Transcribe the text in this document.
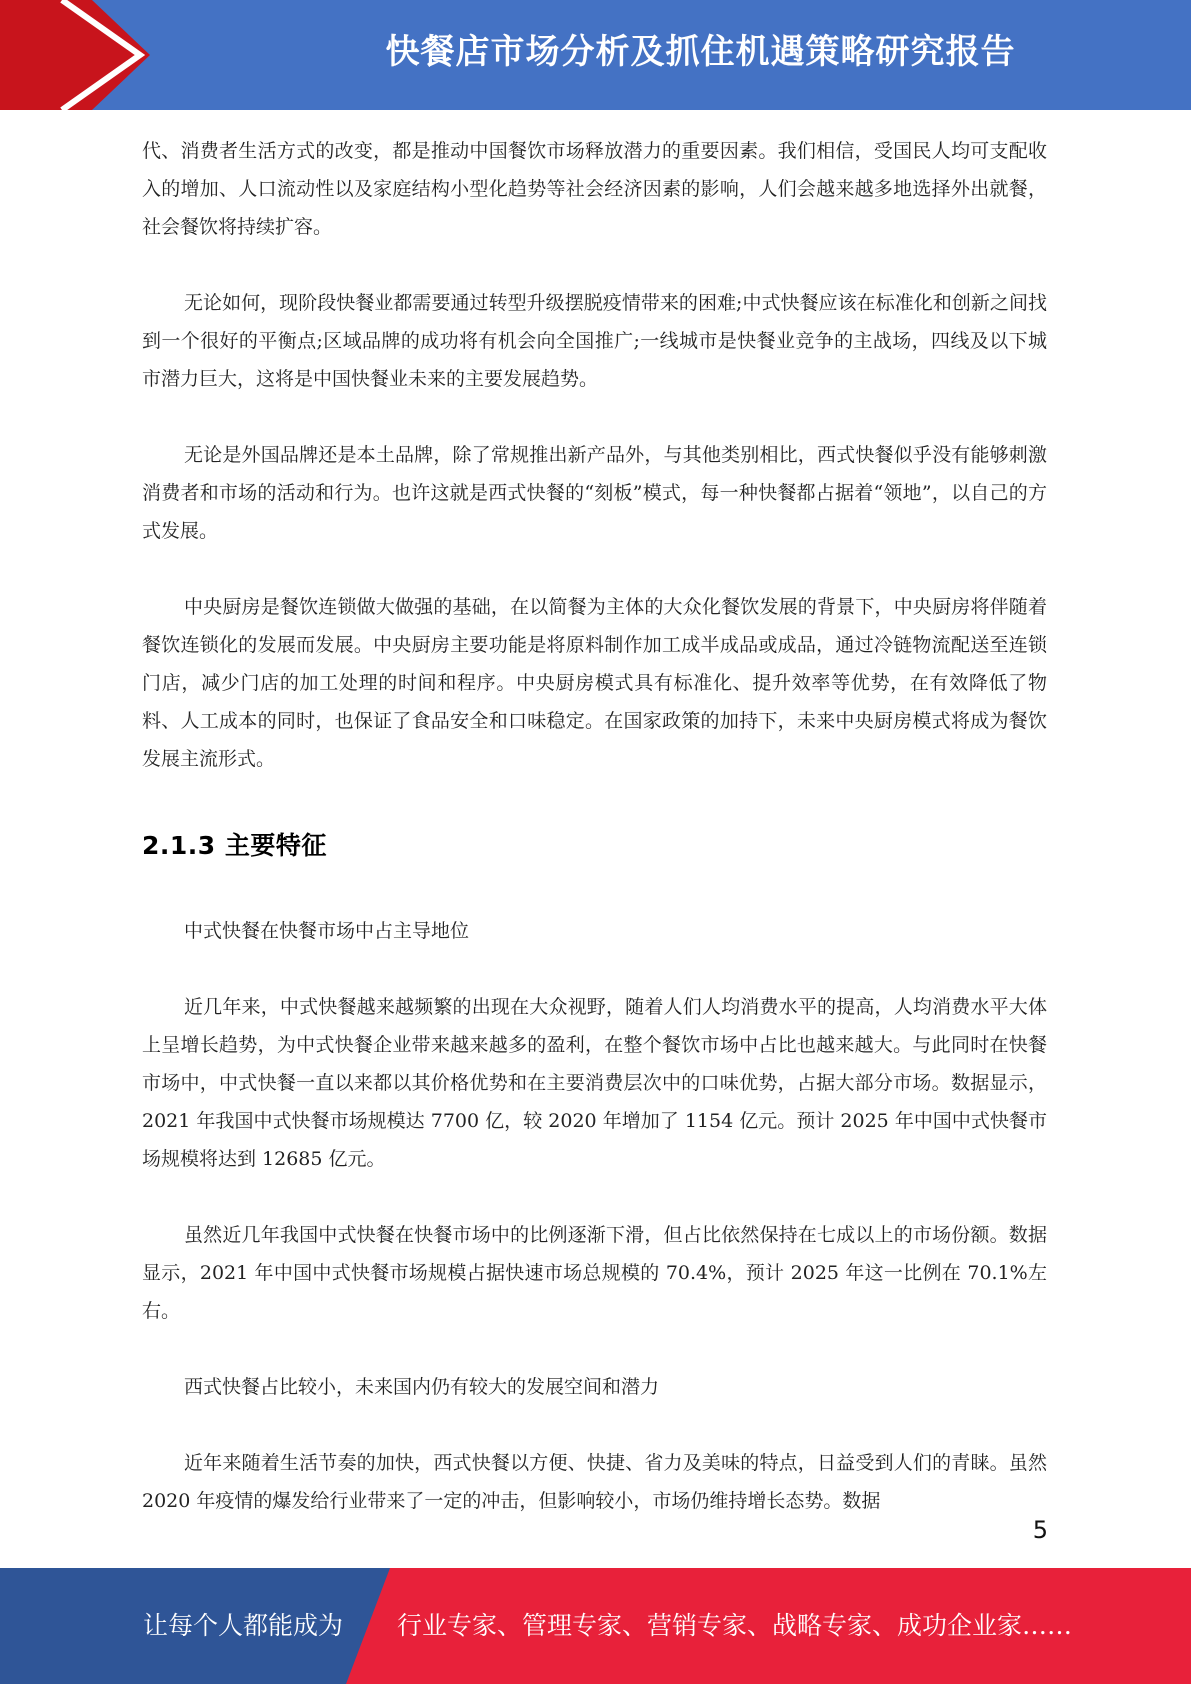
快餐店市场分析及抓住机遇策略研究报告

代、消费者生活方式的改变，都是推动中国餐饮市场释放潜力的重要因素。我们相信，受国民人均可支配收入的增加、人口流动性以及家庭结构小型化趋势等社会经济因素的影响，人们会越来越多地选择外出就餐，社会餐饮将持续扩容。

无论如何，现阶段快餐业都需要通过转型升级摆脱疫情带来的困难;中式快餐应该在标准化和创新之间找到一个很好的平衡点;区域品牌的成功将有机会向全国推广;一线城市是快餐业竞争的主战场，四线及以下城市潜力巨大，这将是中国快餐业未来的主要发展趋势。

无论是外国品牌还是本土品牌，除了常规推出新产品外，与其他类别相比，西式快餐似乎没有能够刺激消费者和市场的活动和行为。也许这就是西式快餐的“刻板”模式，每一种快餐都占据着“领地”，以自己的方式发展。

中央厨房是餐饮连锁做大做强的基础，在以简餐为主体的大众化餐饮发展的背景下，中央厨房将伴随着餐饮连锁化的发展而发展。中央厨房主要功能是将原料制作加工成半成品或成品，通过冷链物流配送至连锁门店，减少门店的加工处理的时间和程序。中央厨房模式具有标准化、提升效率等优势，在有效降低了物料、人工成本的同时，也保证了食品安全和口味稳定。在国家政策的加持下，未来中央厨房模式将成为餐饮发展主流形式。

2.1.3 主要特征

中式快餐在快餐市场中占主导地位

近几年来，中式快餐越来越频繁的出现在大众视野，随着人们人均消费水平的提高，人均消费水平大体上呈增长趋势，为中式快餐企业带来越来越多的盈利，在整个餐饮市场中占比也越来越大。与此同时在快餐市场中，中式快餐一直以来都以其价格优势和在主要消费层次中的口味优势，占据大部分市场。数据显示，2021 年我国中式快餐市场规模达 7700 亿，较 2020 年增加了 1154 亿元。预计 2025 年中国中式快餐市场规模将达到 12685 亿元。

虽然近几年我国中式快餐在快餐市场中的比例逐渐下滑，但占比依然保持在七成以上的市场份额。数据显示，2021 年中国中式快餐市场规模占据快速市场总规模的 70.4%，预计 2025 年这一比例在 70.1%左右。

西式快餐占比较小，未来国内仍有较大的发展空间和潜力

近年来随着生活节奏的加快，西式快餐以方便、快捷、省力及美味的特点，日益受到人们的青睐。虽然 2020 年疫情的爆发给行业带来了一定的冲击，但影响较小，市场仍维持增长态势。数据

5
让每个人都能成为 行业专家、管理专家、营销专家、战略专家、成功企业家……
